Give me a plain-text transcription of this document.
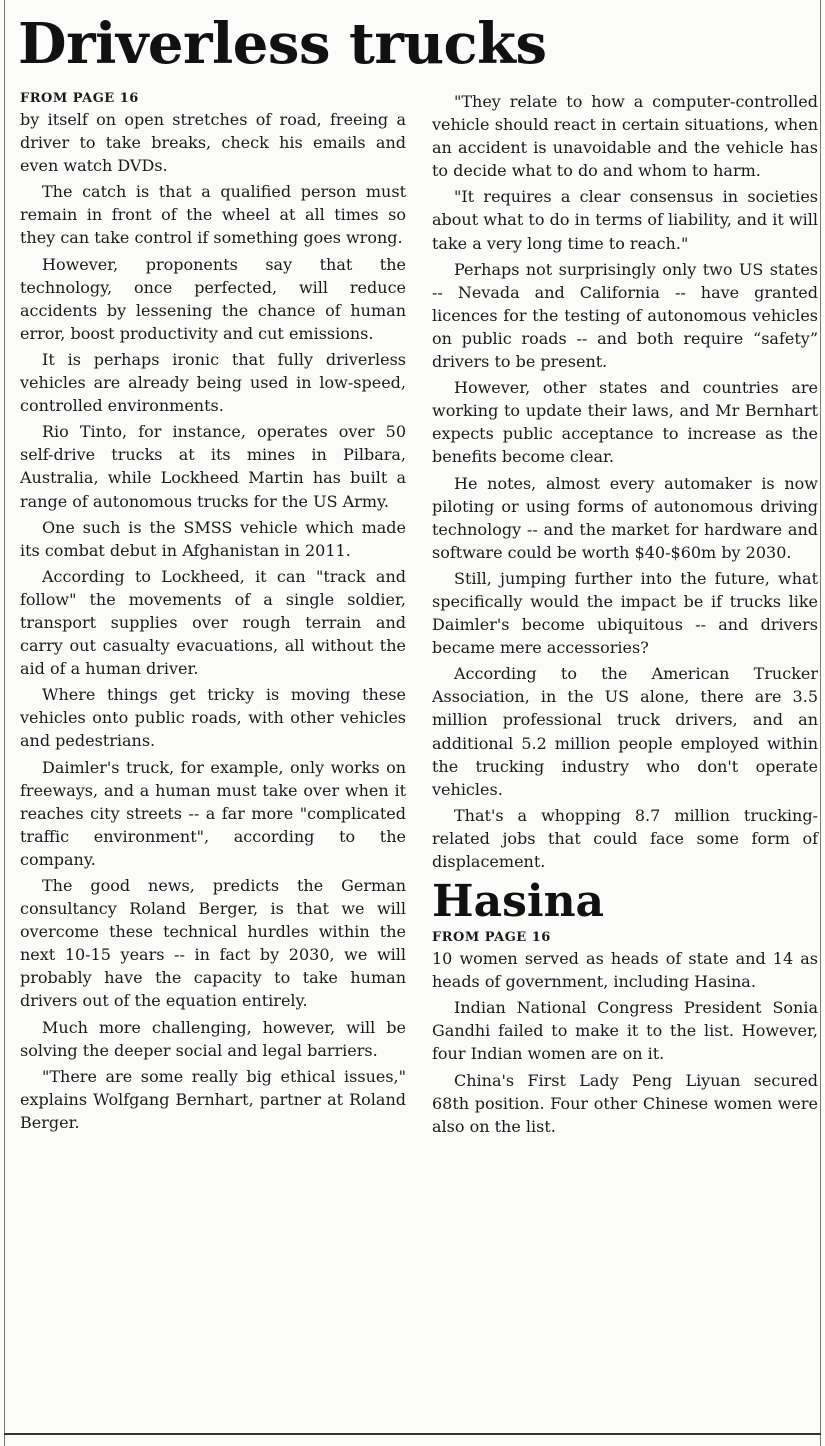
Driverless trucks
FROM PAGE 16

by itself on open stretches of road, freeing a driver to take breaks, check his emails and even watch DVDs.

The catch is that a qualified person must remain in front of the wheel at all times so they can take control if something goes wrong.

However, proponents say that the technology, once perfected, will reduce accidents by lessening the chance of human error, boost productivity and cut emissions.

It is perhaps ironic that fully driverless vehicles are already being used in low-speed, controlled environments.

Rio Tinto, for instance, operates over 50 self-drive trucks at its mines in Pilbara, Australia, while Lockheed Martin has built a range of autonomous trucks for the US Army.

One such is the SMSS vehicle which made its combat debut in Afghanistan in 2011.

According to Lockheed, it can "track and follow" the movements of a single soldier, transport supplies over rough terrain and carry out casualty evacuations, all without the aid of a human driver.

Where things get tricky is moving these vehicles onto public roads, with other vehicles and pedestrians.

Daimler's truck, for example, only works on freeways, and a human must take over when it reaches city streets -- a far more "complicated traffic environment", according to the company.

The good news, predicts the German consultancy Roland Berger, is that we will overcome these technical hurdles within the next 10-15 years -- in fact by 2030, we will probably have the capacity to take human drivers out of the equation entirely.

Much more challenging, however, will be solving the deeper social and legal barriers.

"There are some really big ethical issues," explains Wolfgang Bernhart, partner at Roland Berger.

"They relate to how a computer-controlled vehicle should react in certain situations, when an accident is unavoidable and the vehicle has to decide what to do and whom to harm.

"It requires a clear consensus in societies about what to do in terms of liability, and it will take a very long time to reach."

Perhaps not surprisingly only two US states -- Nevada and California -- have granted licences for the testing of autonomous vehicles on public roads -- and both require “safety” drivers to be present.

However, other states and countries are working to update their laws, and Mr Bernhart expects public acceptance to increase as the benefits become clear.

He notes, almost every automaker is now piloting or using forms of autonomous driving technology -- and the market for hardware and software could be worth $40-$60m by 2030.

Still, jumping further into the future, what specifically would the impact be if trucks like Daimler's become ubiquitous -- and drivers became mere accessories?

According to the American Trucker Association, in the US alone, there are 3.5 million professional truck drivers, and an additional 5.2 million people employed within the trucking industry who don't operate vehicles.

That's a whopping 8.7 million trucking-related jobs that could face some form of displacement.

Hasina
FROM PAGE 16

10 women served as heads of state and 14 as heads of government, including Hasina.

Indian National Congress President Sonia Gandhi failed to make it to the list. However, four Indian women are on it.

China's First Lady Peng Liyuan secured 68th position. Four other Chinese women were also on the list.
